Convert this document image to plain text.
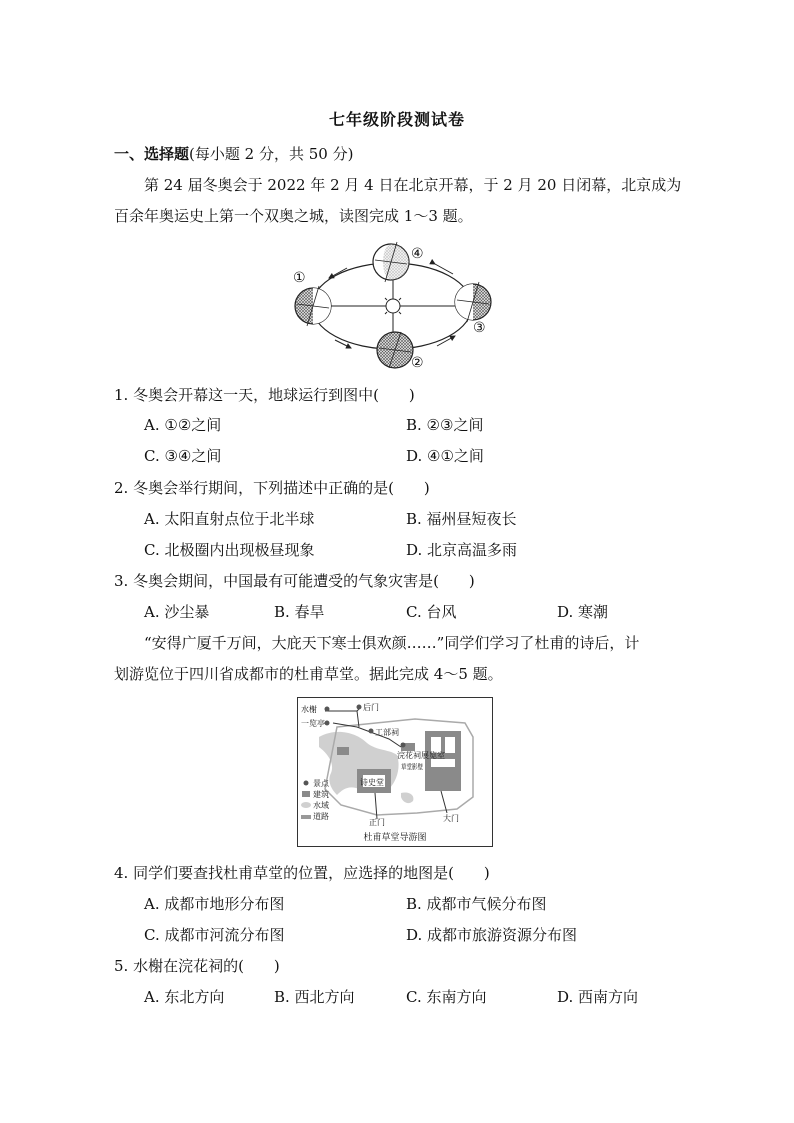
七年级阶段测试卷
一、选择题(每小题 2 分，共 50 分)
第 24 届冬奥会于 2022 年 2 月 4 日在北京开幕，于 2 月 20 日闭幕，北京成为
百余年奥运史上第一个双奥之城，读图完成 1～3 题。
①
②
③
④
1. 冬奥会开幕这一天，地球运行到图中(　　)
A. ①②之间	B. ②③之间
C. ③④之间	D. ④①之间
2. 冬奥会举行期间，下列描述中正确的是(　　)
A. 太阳直射点位于北半球	B. 福州昼短夜长
C. 北极圈内出现极昼现象	D. 北京高温多雨
3. 冬奥会期间，中国最有可能遭受的气象灾害是(　　)
A. 沙尘暴	B. 春旱	C. 台风	D. 寒潮
“安得广厦千万间，大庇天下寒士俱欢颜……”同学们学习了杜甫的诗后，计
划游览位于四川省成都市的杜甫草堂。据此完成 4～5 题。
水榭	后门
一览亭
工部祠
浣花祠
草堂影壁
诗史堂
展览室
正门	大门
景点
建筑
水域
道路
杜甫草堂导游图
4. 同学们要查找杜甫草堂的位置，应选择的地图是(　　)
A. 成都市地形分布图	B. 成都市气候分布图
C. 成都市河流分布图	D. 成都市旅游资源分布图
5. 水榭在浣花祠的(　　)
A. 东北方向	B. 西北方向	C. 东南方向	D. 西南方向
